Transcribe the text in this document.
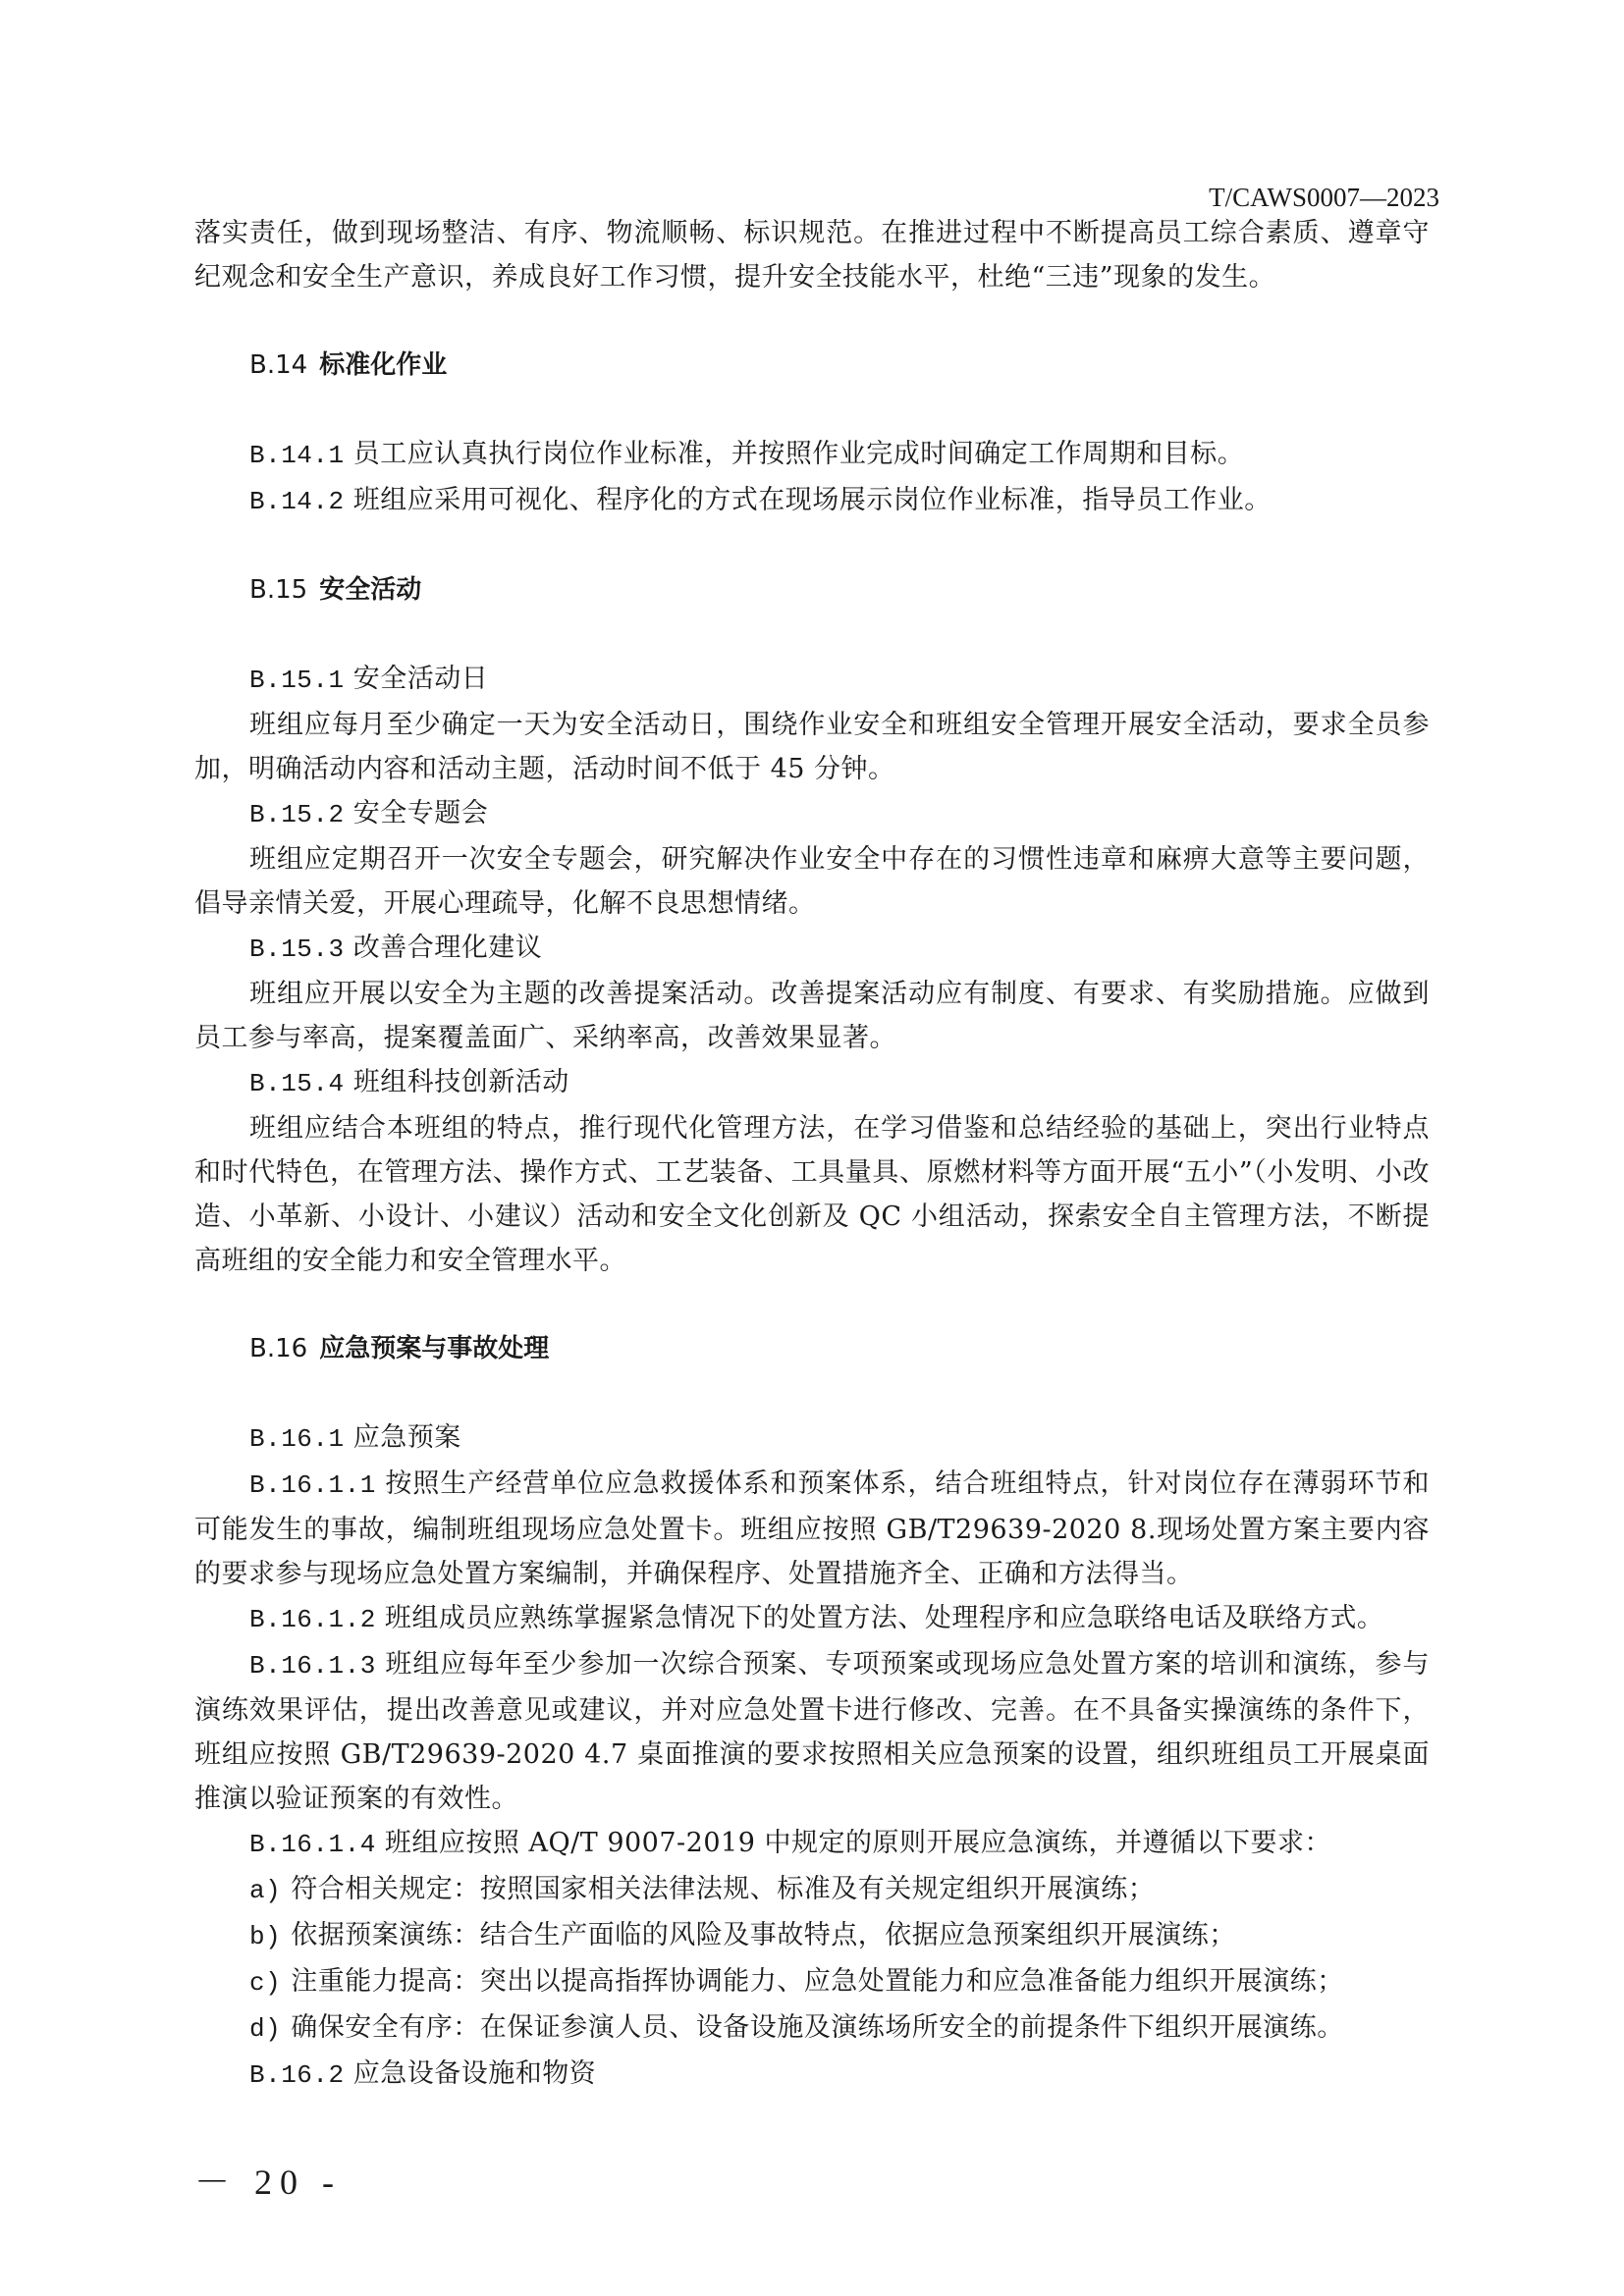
T/CAWS0007—2023

落实责任，做到现场整洁、有序、物流顺畅、标识规范。在推进过程中不断提高员工综合素质、遵章守纪观念和安全生产意识，养成良好工作习惯，提升安全技能水平，杜绝“三违”现象的发生。

B.14 标准化作业

B.14.1 员工应认真执行岗位作业标准，并按照作业完成时间确定工作周期和目标。

B.14.2 班组应采用可视化、程序化的方式在现场展示岗位作业标准，指导员工作业。

B.15 安全活动

B.15.1 安全活动日

班组应每月至少确定一天为安全活动日，围绕作业安全和班组安全管理开展安全活动，要求全员参加，明确活动内容和活动主题，活动时间不低于 45 分钟。

B.15.2 安全专题会

班组应定期召开一次安全专题会，研究解决作业安全中存在的习惯性违章和麻痹大意等主要问题，倡导亲情关爱，开展心理疏导，化解不良思想情绪。

B.15.3 改善合理化建议

班组应开展以安全为主题的改善提案活动。改善提案活动应有制度、有要求、有奖励措施。应做到员工参与率高，提案覆盖面广、采纳率高，改善效果显著。

B.15.4 班组科技创新活动

班组应结合本班组的特点，推行现代化管理方法，在学习借鉴和总结经验的基础上，突出行业特点和时代特色，在管理方法、操作方式、工艺装备、工具量具、原燃材料等方面开展“五小”（小发明、小改造、小革新、小设计、小建议）活动和安全文化创新及 QC 小组活动，探索安全自主管理方法，不断提高班组的安全能力和安全管理水平。

B.16 应急预案与事故处理

B.16.1 应急预案

B.16.1.1 按照生产经营单位应急救援体系和预案体系，结合班组特点，针对岗位存在薄弱环节和可能发生的事故，编制班组现场应急处置卡。班组应按照 GB/T29639-2020 8.现场处置方案主要内容的要求参与现场应急处置方案编制，并确保程序、处置措施齐全、正确和方法得当。

B.16.1.2 班组成员应熟练掌握紧急情况下的处置方法、处理程序和应急联络电话及联络方式。

B.16.1.3 班组应每年至少参加一次综合预案、专项预案或现场应急处置方案的培训和演练，参与演练效果评估，提出改善意见或建议，并对应急处置卡进行修改、完善。在不具备实操演练的条件下，班组应按照 GB/T29639-2020 4.7 桌面推演的要求按照相关应急预案的设置，组织班组员工开展桌面推演以验证预案的有效性。

B.16.1.4 班组应按照 AQ/T 9007-2019 中规定的原则开展应急演练，并遵循以下要求：

a) 符合相关规定：按照国家相关法律法规、标准及有关规定组织开展演练；

b) 依据预案演练：结合生产面临的风险及事故特点，依据应急预案组织开展演练；

c) 注重能力提高：突出以提高指挥协调能力、应急处置能力和应急准备能力组织开展演练；

d) 确保安全有序：在保证参演人员、设备设施及演练场所安全的前提条件下组织开展演练。

B.16.2 应急设备设施和物资

－ 20 -
